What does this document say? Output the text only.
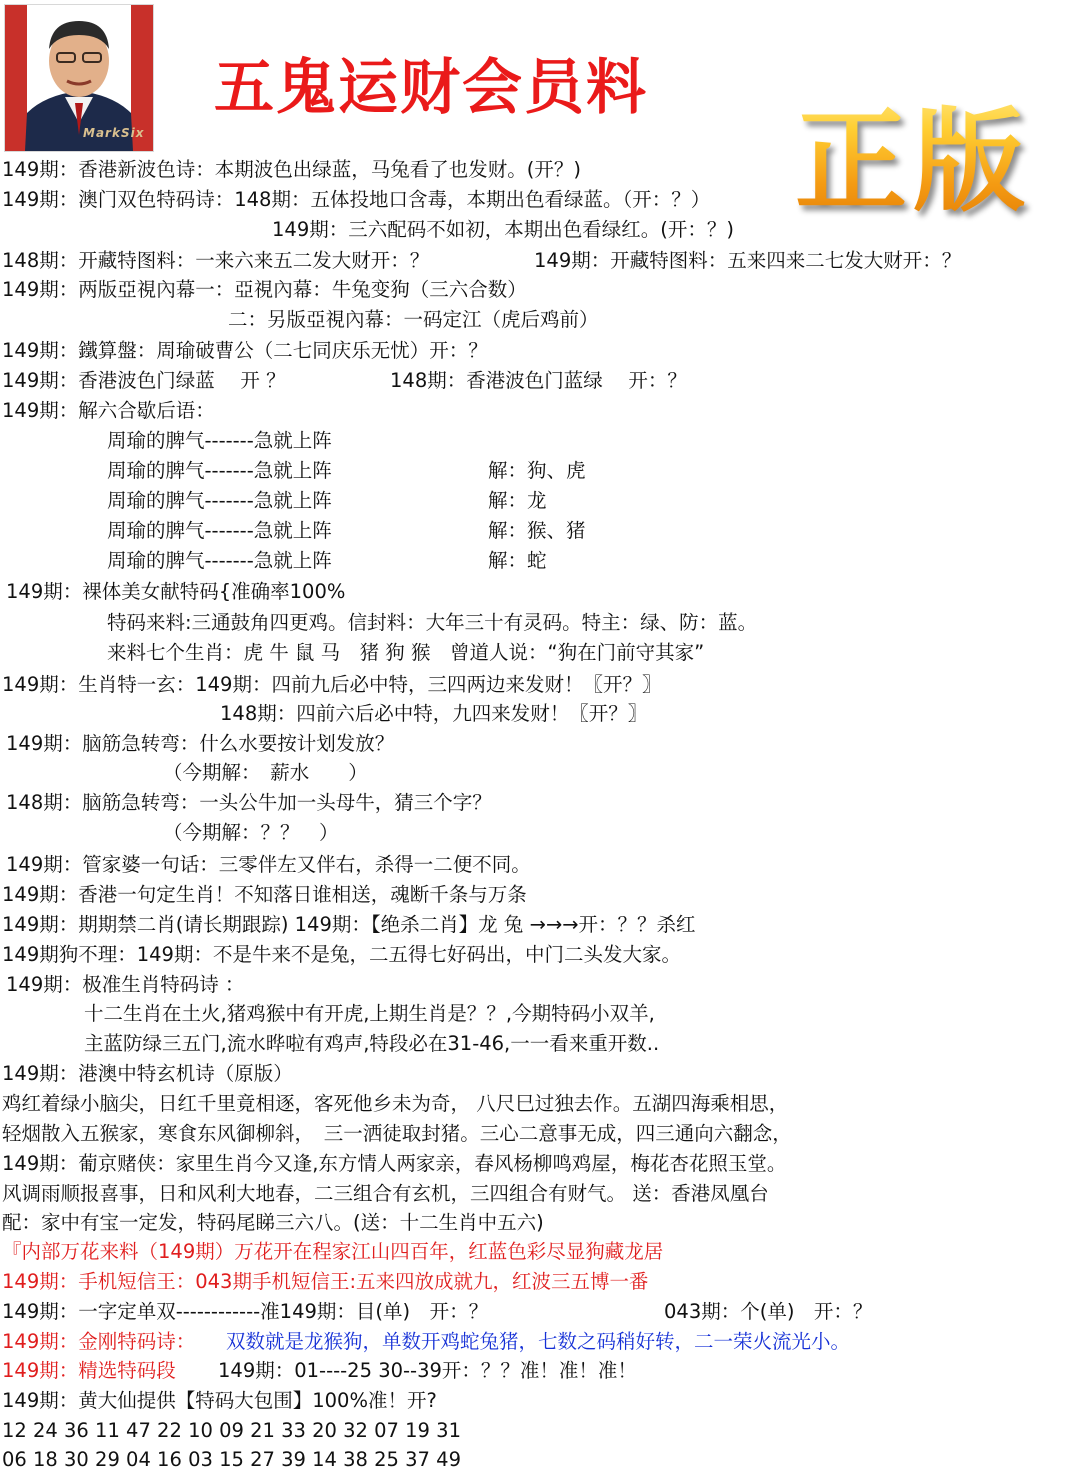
MarkSix
五鬼运财会员料
正版
149期：香港新波色诗：本期波色出绿蓝，马兔看了也发财。(开？)
149期：澳门双色特码诗：148期：五体投地口含毒，本期出色看绿蓝。（开：？）
149期：三六配码不如初，本期出色看绿红。(开：？)
148期：开藏特图料：一来六来五二发大财开：？	149期：开藏特图料：五来四来二七发大财开：？
149期：两版亞視內幕一：亞視內幕：牛兔变狗（三六合数）
二：另版亞視內幕：一码定江（虎后鸡前）
149期：鐵算盤：周瑜破曹公（二七同庆乐无忧）开：？
149期：香港波色门绿蓝　 开 ？	148期：香港波色门蓝绿　 开：？
149期：解六合歇后语：
周瑜的脾气-------急就上阵
周瑜的脾气-------急就上阵	解：狗、虎
周瑜的脾气-------急就上阵	解：龙
周瑜的脾气-------急就上阵	解：猴、猪
周瑜的脾气-------急就上阵	解：蛇
149期：裸体美女献特码{准确率100%
特码来料:三通鼓角四更鸡。信封料：大年三十有灵码。特主：绿、防：蓝。
来料七个生肖：虎 牛 鼠 马　猪 狗 猴　曾道人说：“狗在门前守其家”
149期：生肖特一玄：149期：四前九后必中特，三四两边来发财！〖开？〗
148期：四前六后必中特，九四来发财！〖开？〗
149期：脑筋急转弯：什么水要按计划发放？
（今期解：　薪水　　）
148期：脑筋急转弯：一头公牛加一头母牛，猜三个字？
（今期解：？？　）
149期：管家婆一句话：三零伴左又伴右，杀得一二便不同。
149期：香港一句定生肖！不知落日谁相送，魂断千条与万条
149期：期期禁二肖(请长期跟踪) 149期：【绝杀二肖】龙 兔 →→→开：？？杀红
149期狗不理：149期：不是牛来不是兔，二五得七好码出，中门二头发大家。
149期：极准生肖特码诗 ：
十二生肖在土火,猪鸡猴中有开虎,上期生肖是？？,今期特码小双羊,
主蓝防绿三五门,流水晔啦有鸡声,特段必在31-46,一一看来重开数..
149期：港澳中特玄机诗（原版）
鸡红着绿小脑尖，日红千里竟相逐，客死他乡未为奇， 八尺巳过独去作。五湖四海乘相思，
轻烟散入五猴家，寒食东风御柳斜，　三一洒徒取封猪。三心二意事无成，四三通向六翻念，
149期：葡京赌侠：家里生肖今又逢,东方情人两家亲，春风杨柳鸣鸡屋，梅花杏花照玉堂。
风调雨顺报喜事，日和风利大地春，二三组合有玄机，三四组合有财气。 送：香港凤凰台
配：家中有宝一定发，特码尾睇三六八。(送：十二生肖中五六)
『内部万花来料（149期）万花开在程家江山四百年，红蓝色彩尽显狗藏龙居
149期：手机短信王：043期手机短信王:五来四放成就九，红波三五博一番
149期：一字定单双------------准149期：目(单)　开：？	043期：个(单)　开：？
149期：金刚特码诗： 双数就是龙猴狗，单数开鸡蛇兔猪，七数之码稍好转，二一荣火流光小。
149期：精选特码段 149期：01----25 30--39开：？？准！准！准！
149期：黄大仙提供【特码大包围】100%准！开?
12 24 36 11 47 22 10 09 21 33 20 32 07 19 31
06 18 30 29 04 16 03 15 27 39 14 38 25 37 49
